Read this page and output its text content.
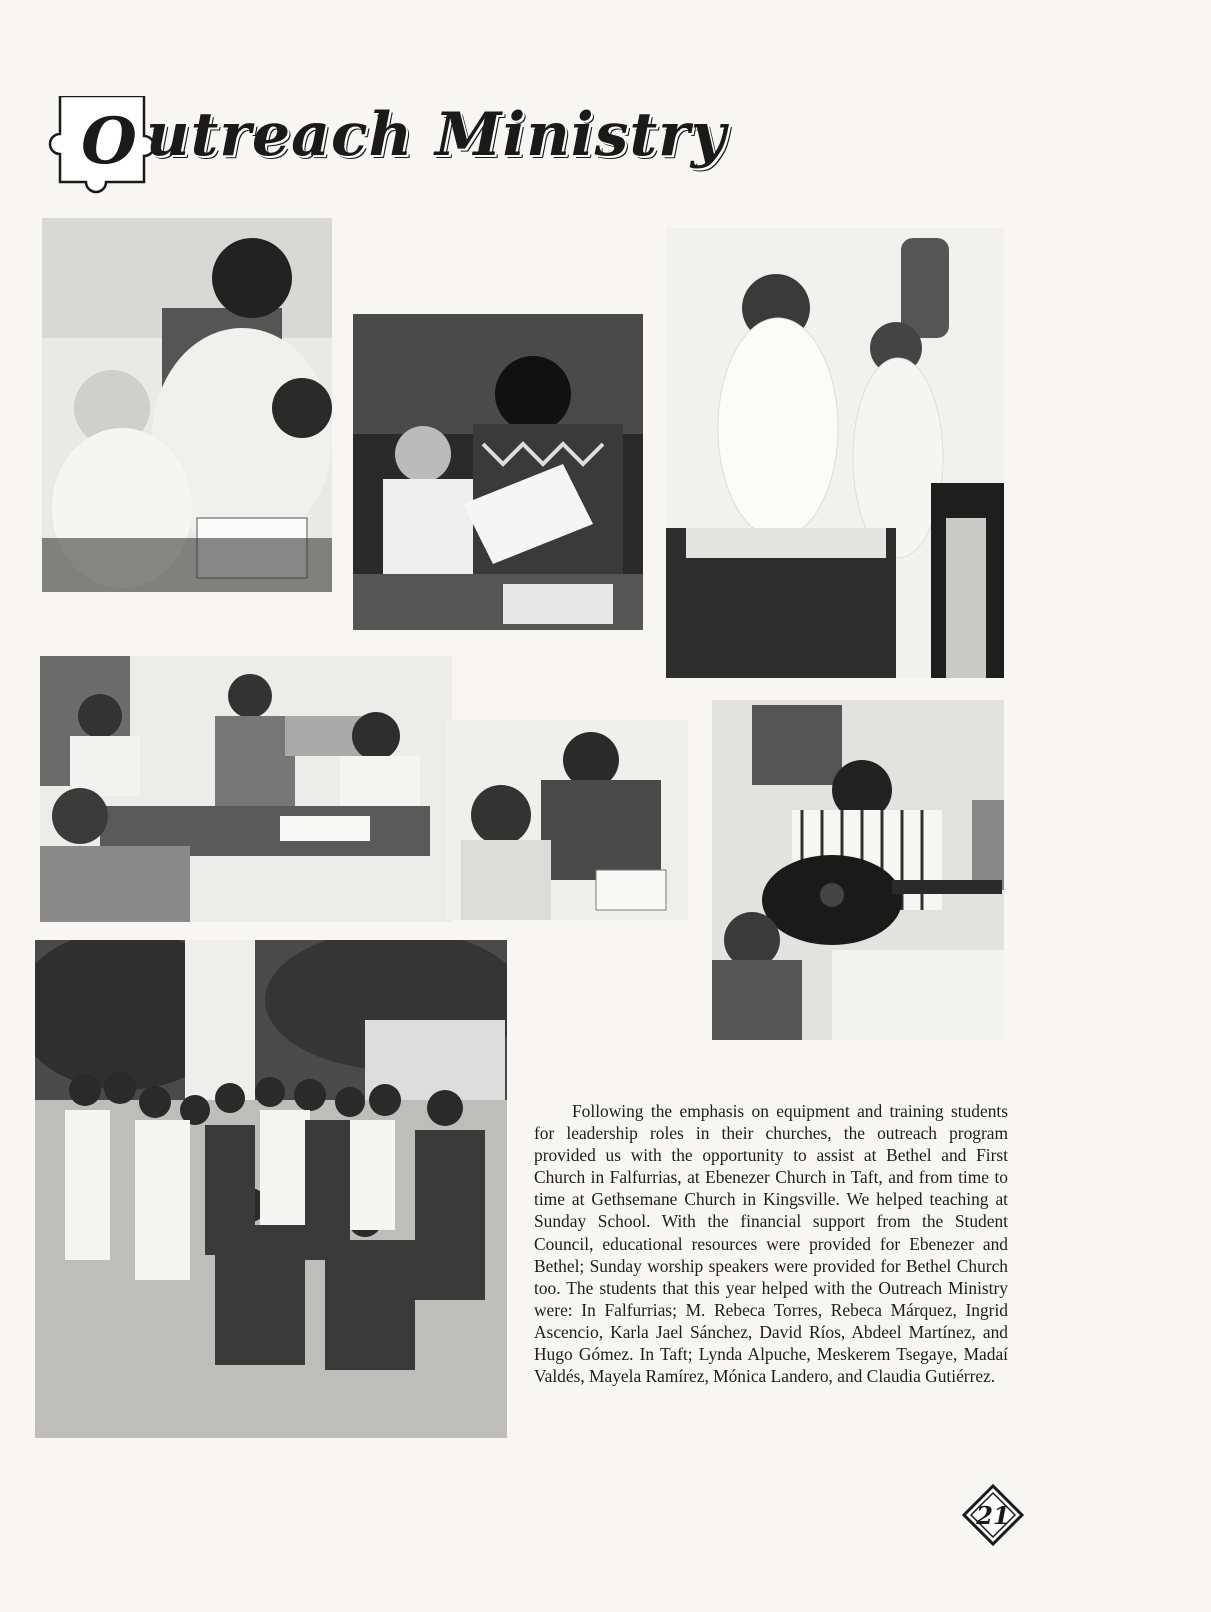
O utreach Ministry
Following the emphasis on equipment and training students for leadership roles in their churches, the outreach program provided us with the opportunity to assist at Bethel and First Church in Falfurrias, at Ebenezer Church in Taft, and from time to time at Gethsemane Church in Kingsville. We helped teaching at Sunday School. With the financial support from the Student Council, educational resources were provided for Ebenezer and Bethel; Sunday worship speakers were provided for Bethel Church too. The students that this year helped with the Outreach Ministry were: In Falfurrias; M. Rebeca Torres, Rebeca Márquez, Ingrid Ascencio, Karla Jael Sánchez, David Ríos, Abdeel Martínez, and Hugo Gómez. In Taft; Lynda Alpuche, Meskerem Tsegaye, Madaí Valdés, Mayela Ramírez, Mónica Landero, and Claudia Gutiérrez.
21
